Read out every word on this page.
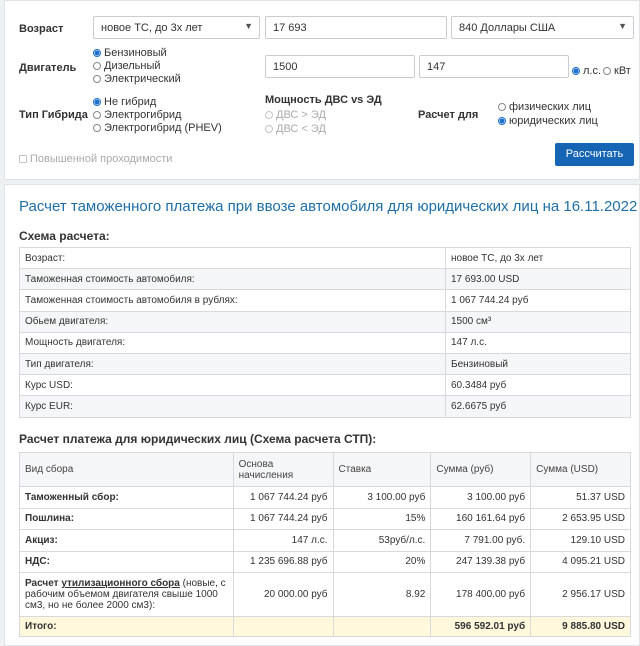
Возраст	новое ТС, до 3х лет	▼	17 693	840 Доллары США	▼
Двигатель
Бензиновый
Дизельный
Электрический
1500	147	л.с. кВт
Тип Гибрида
Не гибрид
Электрогибрид
Электрогибрид (PHEV)
Мощность ДВС vs ЭД
ДВС > ЭД
ДВС < ЭД
Расчет для
физических лиц
юридических лиц
Повышенной проходимости	Рассчитать
Расчет таможенного платежа при ввозе автомобиля для юридических лиц на 16.11.2022
Схема расчета:
Возраст:	новое ТС, до 3х лет
Таможенная стоимость автомобиля:	17 693.00 USD
Таможенная стоимость автомобиля в рублях:	1 067 744.24 руб
Обьем двигателя:	1500 см³
Мощность двигателя:	147 л.с.
Тип двигателя:	Бензиновый
Курс USD:	60.3484 руб
Курс EUR:	62.6675 руб
Расчет платежа для юридических лиц (Схема расчета СТП):
Вид сбора	Основа начисления	Ставка	Сумма (руб)	Сумма (USD)
Таможенный сбор:	1 067 744.24 руб	3 100.00 руб	3 100.00 руб	51.37 USD
Пошлина:	1 067 744.24 руб	15%	160 161.64 руб	2 653.95 USD
Акциз:	147 л.с.	53руб/л.с.	7 791.00 руб.	129.10 USD
НДС:	1 235 696.88 руб	20%	247 139.38 руб	4 095.21 USD
Расчет утилизационного сбора (новые, с рабочим объемом двигателя свыше 1000 см3, но не более 2000 см3):	20 000.00 руб	8.92	178 400.00 руб	2 956.17 USD
Итого:			596 592.01 руб	9 885.80 USD
